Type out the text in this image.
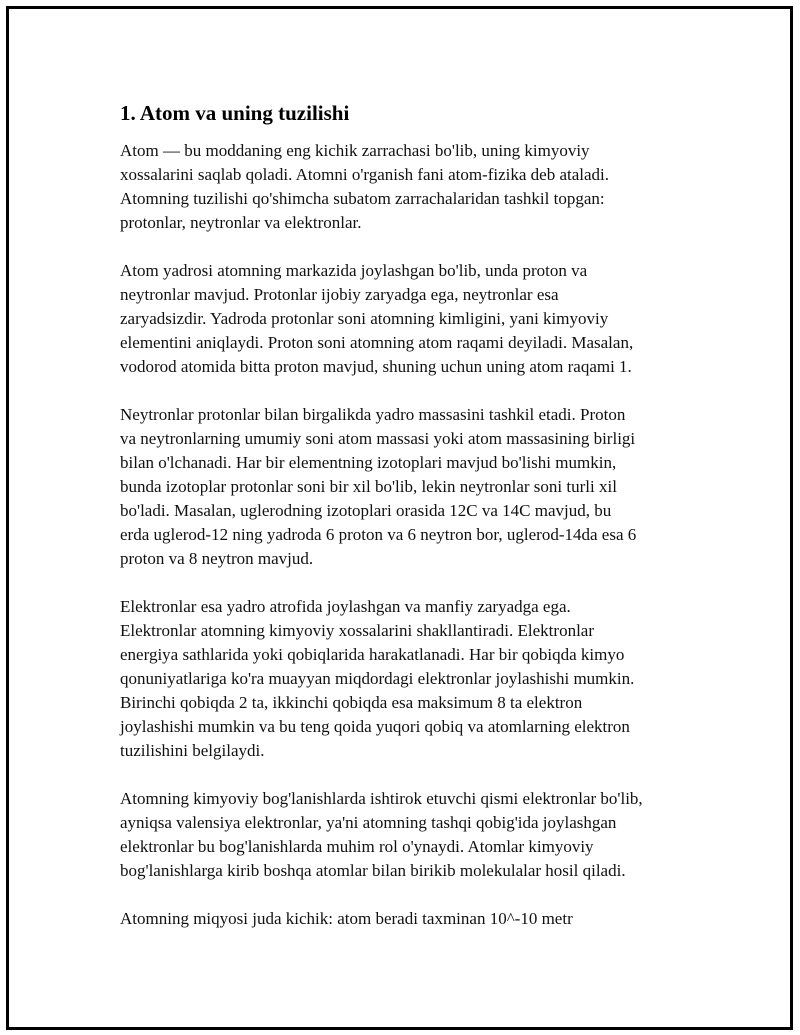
1. Atom va uning tuzilishi

Atom — bu moddaning eng kichik zarrachasi bo'lib, uning kimyoviy
xossalarini saqlab qoladi. Atomni o'rganish fani atom-fizika deb ataladi.
Atomning tuzilishi qo'shimcha subatom zarrachalaridan tashkil topgan:
protonlar, neytronlar va elektronlar.

Atom yadrosi atomning markazida joylashgan bo'lib, unda proton va
neytronlar mavjud. Protonlar ijobiy zaryadga ega, neytronlar esa
zaryadsizdir. Yadroda protonlar soni atomning kimligini, yani kimyoviy
elementini aniqlaydi. Proton soni atomning atom raqami deyiladi. Masalan,
vodorod atomida bitta proton mavjud, shuning uchun uning atom raqami 1.

Neytronlar protonlar bilan birgalikda yadro massasini tashkil etadi. Proton
va neytronlarning umumiy soni atom massasi yoki atom massasining birligi
bilan o'lchanadi. Har bir elementning izotoplari mavjud bo'lishi mumkin,
bunda izotoplar protonlar soni bir xil bo'lib, lekin neytronlar soni turli xil
bo'ladi. Masalan, uglerodning izotoplari orasida 12C va 14C mavjud, bu
erda uglerod-12 ning yadroda 6 proton va 6 neytron bor, uglerod-14da esa 6
proton va 8 neytron mavjud.

Elektronlar esa yadro atrofida joylashgan va manfiy zaryadga ega.
Elektronlar atomning kimyoviy xossalarini shakllantiradi. Elektronlar
energiya sathlarida yoki qobiqlarida harakatlanadi. Har bir qobiqda kimyo
qonuniyatlariga ko'ra muayyan miqdordagi elektronlar joylashishi mumkin.
Birinchi qobiqda 2 ta, ikkinchi qobiqda esa maksimum 8 ta elektron
joylashishi mumkin va bu teng qoida yuqori qobiq va atomlarning elektron
tuzilishini belgilaydi.

Atomning kimyoviy bog'lanishlarda ishtirok etuvchi qismi elektronlar bo'lib,
ayniqsa valensiya elektronlar, ya'ni atomning tashqi qobig'ida joylashgan
elektronlar bu bog'lanishlarda muhim rol o'ynaydi. Atomlar kimyoviy
bog'lanishlarga kirib boshqa atomlar bilan birikib molekulalar hosil qiladi.

Atomning miqyosi juda kichik: atom beradi taxminan 10^-10 metr
